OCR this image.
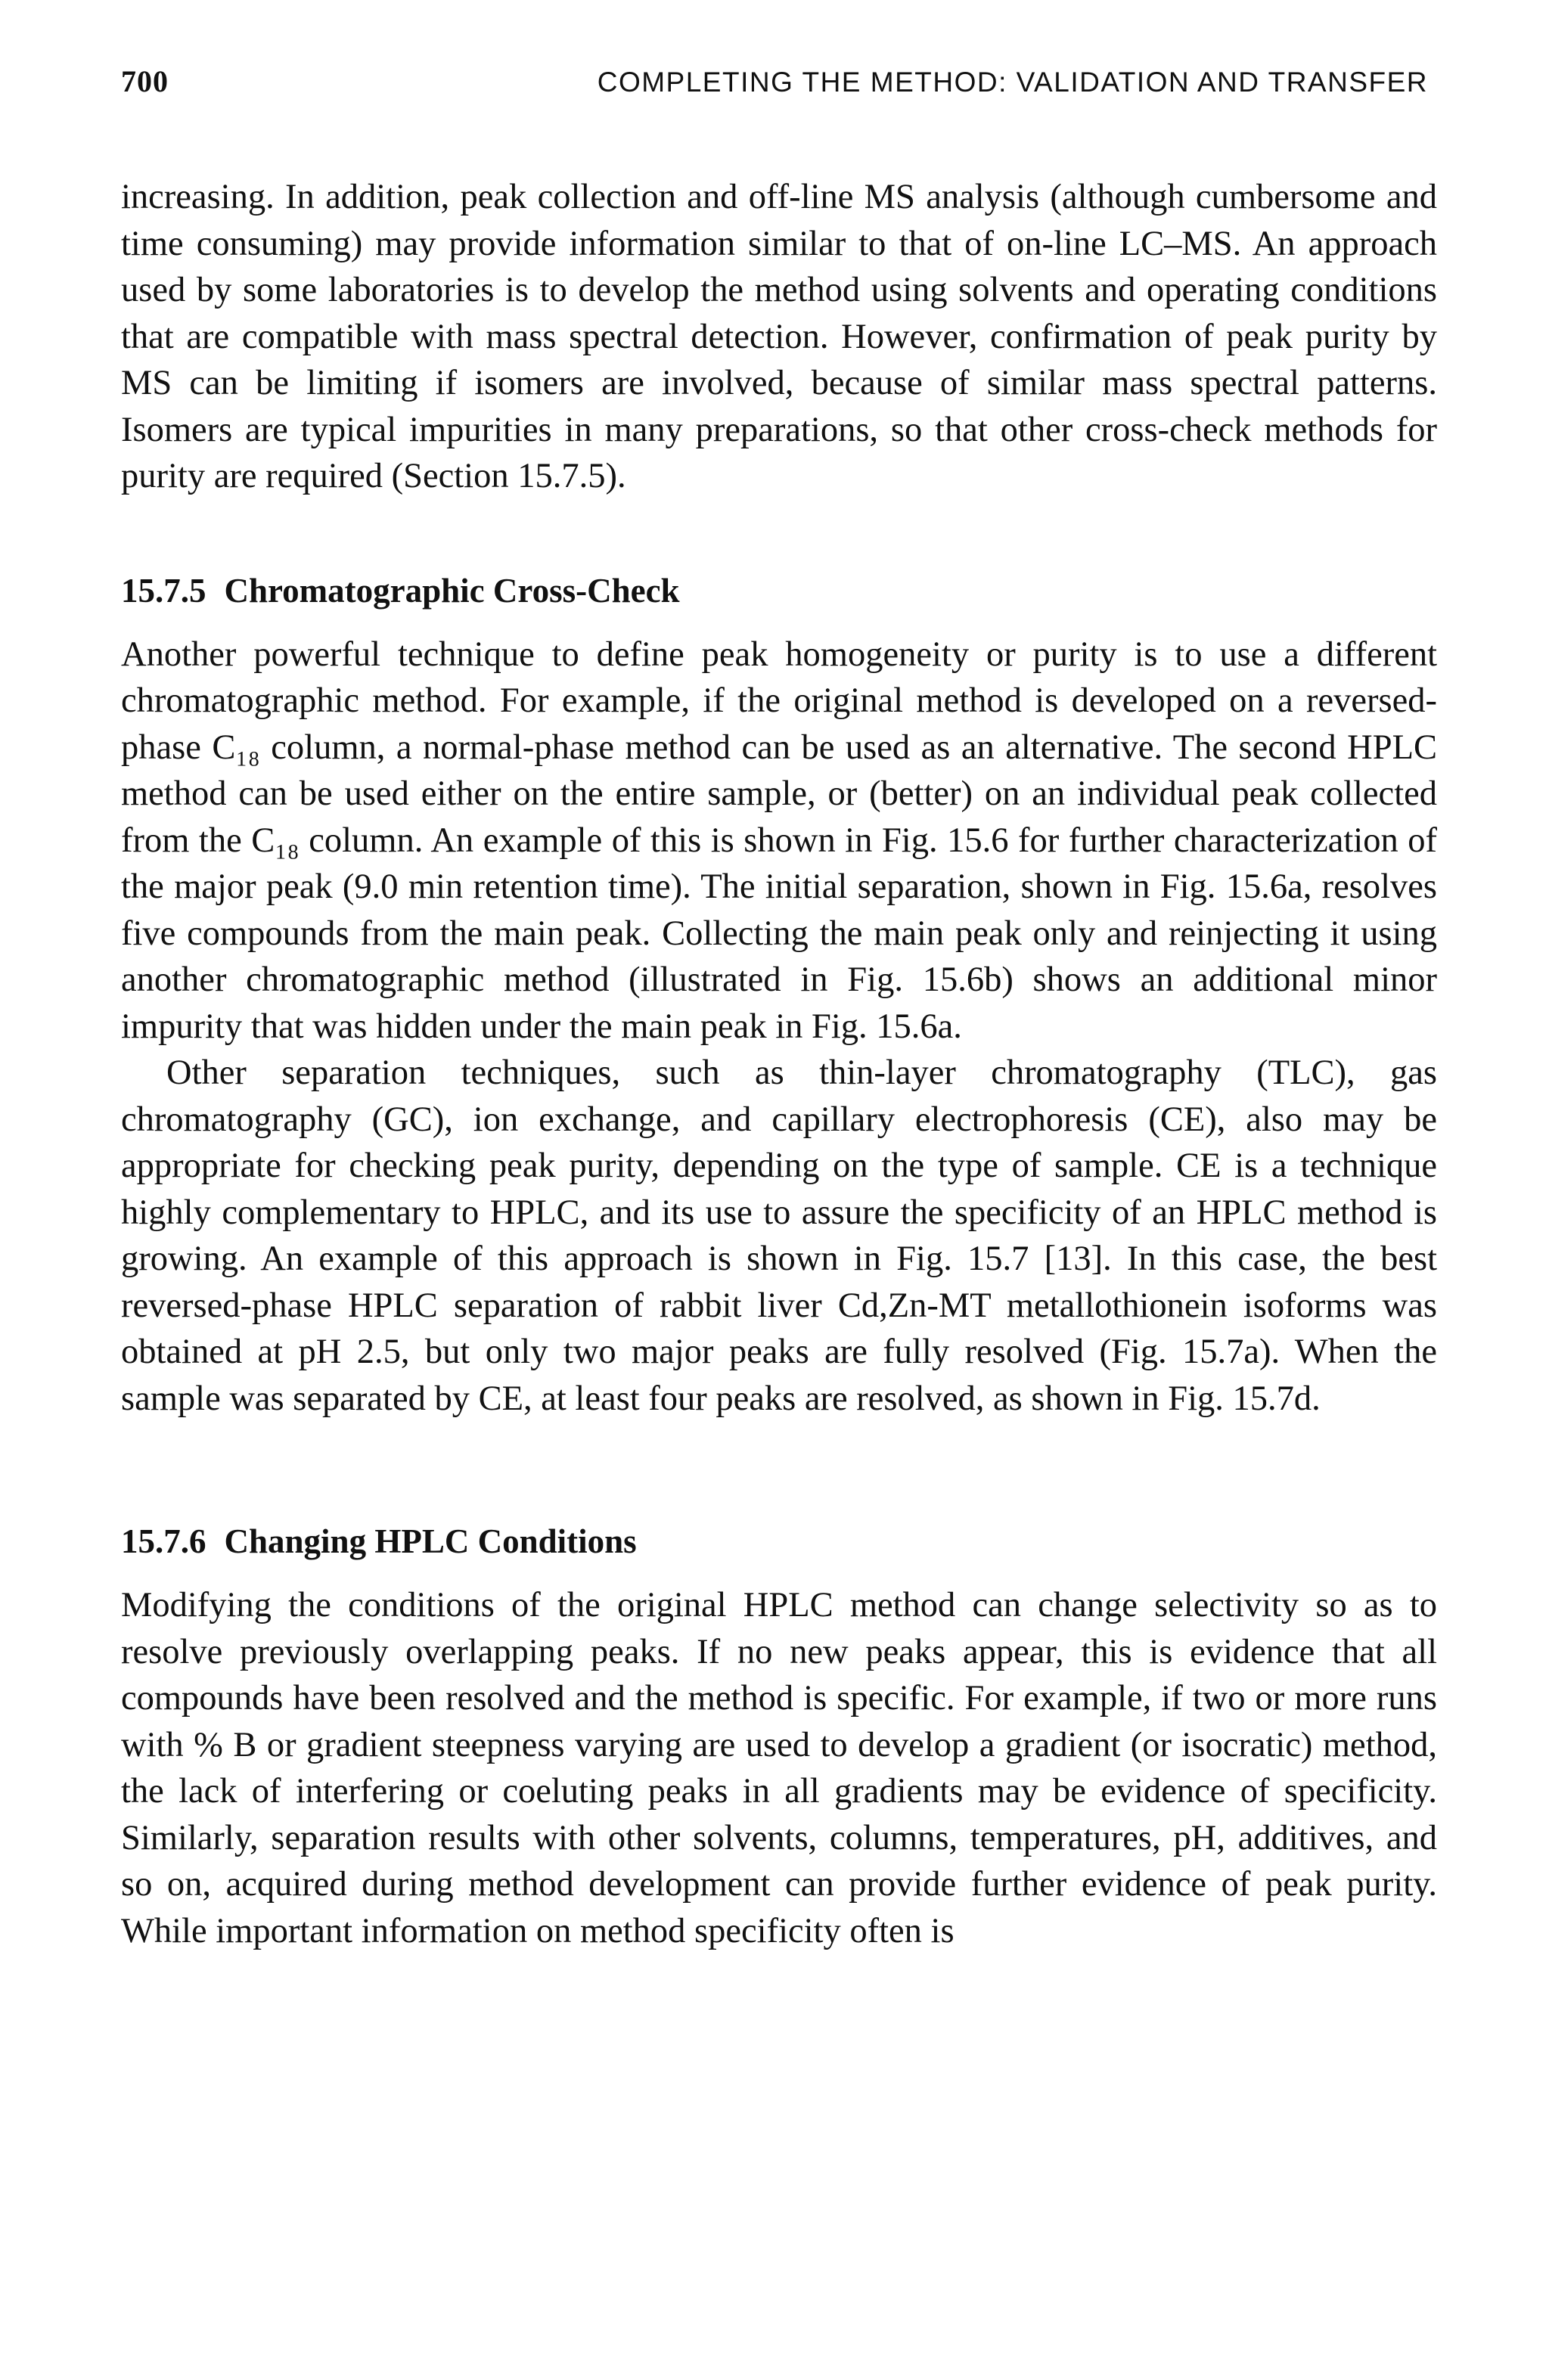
700	COMPLETING THE METHOD: VALIDATION AND TRANSFER

increasing. In addition, peak collection and off-line MS analysis (although cumbersome and time consuming) may provide information similar to that of on-line LC–MS. An approach used by some laboratories is to develop the method using solvents and operating conditions that are compatible with mass spectral detection. However, confirmation of peak purity by MS can be limiting if isomers are involved, because of similar mass spectral patterns. Isomers are typical impurities in many preparations, so that other cross-check methods for purity are required (Section 15.7.5).

15.7.5 Chromatographic Cross-Check

Another powerful technique to define peak homogeneity or purity is to use a different chromatographic method. For example, if the original method is developed on a reversed-phase C₁₈ column, a normal-phase method can be used as an alternative. The second HPLC method can be used either on the entire sample, or (better) on an individual peak collected from the C₁₈ column. An example of this is shown in Fig. 15.6 for further characterization of the major peak (9.0 min retention time). The initial separation, shown in Fig. 15.6a, resolves five compounds from the main peak. Collecting the main peak only and reinjecting it using another chromatographic method (illustrated in Fig. 15.6b) shows an additional minor impurity that was hidden under the main peak in Fig. 15.6a.

Other separation techniques, such as thin-layer chromatography (TLC), gas chromatography (GC), ion exchange, and capillary electrophoresis (CE), also may be appropriate for checking peak purity, depending on the type of sample. CE is a technique highly complementary to HPLC, and its use to assure the specificity of an HPLC method is growing. An example of this approach is shown in Fig. 15.7 [13]. In this case, the best reversed-phase HPLC separation of rabbit liver Cd,Zn-MT metallothionein isoforms was obtained at pH 2.5, but only two major peaks are fully resolved (Fig. 15.7a). When the sample was separated by CE, at least four peaks are resolved, as shown in Fig. 15.7d.

15.7.6 Changing HPLC Conditions

Modifying the conditions of the original HPLC method can change selectivity so as to resolve previously overlapping peaks. If no new peaks appear, this is evidence that all compounds have been resolved and the method is specific. For example, if two or more runs with % B or gradient steepness varying are used to develop a gradient (or isocratic) method, the lack of interfering or coeluting peaks in all gradients may be evidence of specificity. Similarly, separation results with other solvents, columns, temperatures, pH, additives, and so on, acquired during method development can provide further evidence of peak purity. While important information on method specificity often is
